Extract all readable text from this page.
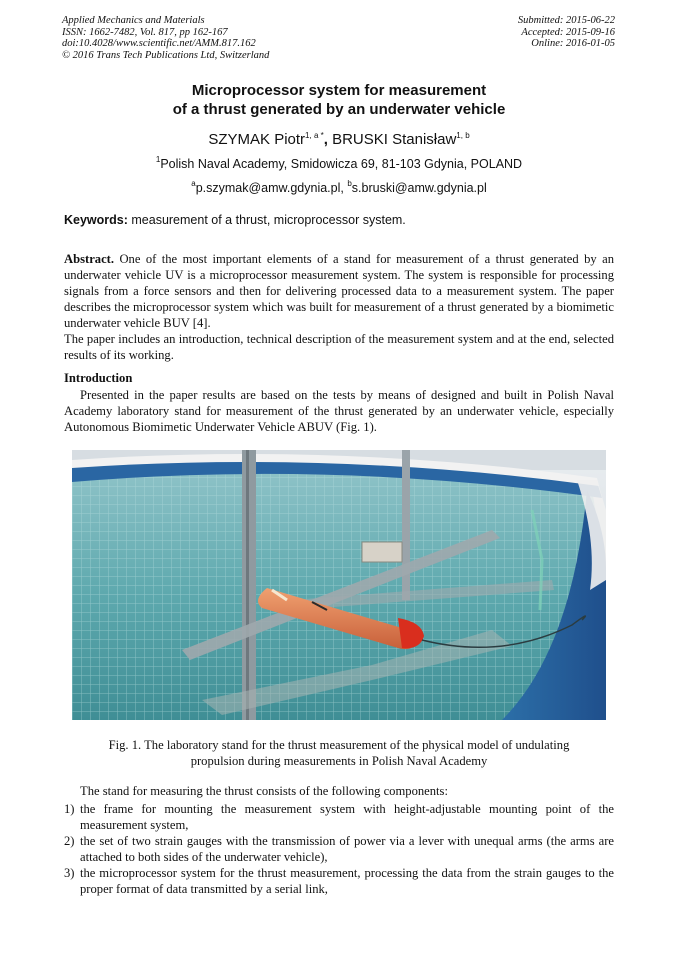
Applied Mechanics and Materials
ISSN: 1662-7482, Vol. 817, pp 162-167
doi:10.4028/www.scientific.net/AMM.817.162
© 2016 Trans Tech Publications Ltd, Switzerland
Submitted: 2015-06-22
Accepted: 2015-09-16
Online: 2016-01-05
Microprocessor system for measurement
of a thrust generated by an underwater vehicle
SZYMAK Piotr$^{1, a *}$, BRUSKI Stanisław$^{1, b}$
$^1$Polish Naval Academy, Smidowicza 69, 81-103 Gdynia, POLAND
$^a$p.szymak@amw.gdynia.pl, $^b$s.bruski@amw.gdynia.pl
Keywords: measurement of a thrust, microprocessor system.
Abstract. One of the most important elements of a stand for measurement of a thrust generated by an underwater vehicle UV is a microprocessor measurement system. The system is responsible for processing signals from a force sensors and then for delivering processed data to a measurement system. The paper describes the microprocessor system which was built for measurement of a thrust generated by a biomimetic underwater vehicle BUV [4].
The paper includes an introduction, technical description of the measurement system and at the end, selected results of its working.
Introduction
Presented in the paper results are based on the tests by means of designed and built in Polish Naval Academy laboratory stand for measurement of the thrust generated by an underwater vehicle, especially Autonomous Biomimetic Underwater Vehicle ABUV (Fig. 1).
Fig. 1. The laboratory stand for the thrust measurement of the physical model of undulating
propulsion during measurements in Polish Naval Academy
The stand for measuring the thrust consists of the following components:
1) the frame for mounting the measurement system with height-adjustable mounting point of the measurement system,
2) the set of two strain gauges with the transmission of power via a lever with unequal arms (the arms are attached to both sides of the underwater vehicle),
3) the microprocessor system for the thrust measurement, processing the data from the strain gauges to the proper format of data transmitted by a serial link,
